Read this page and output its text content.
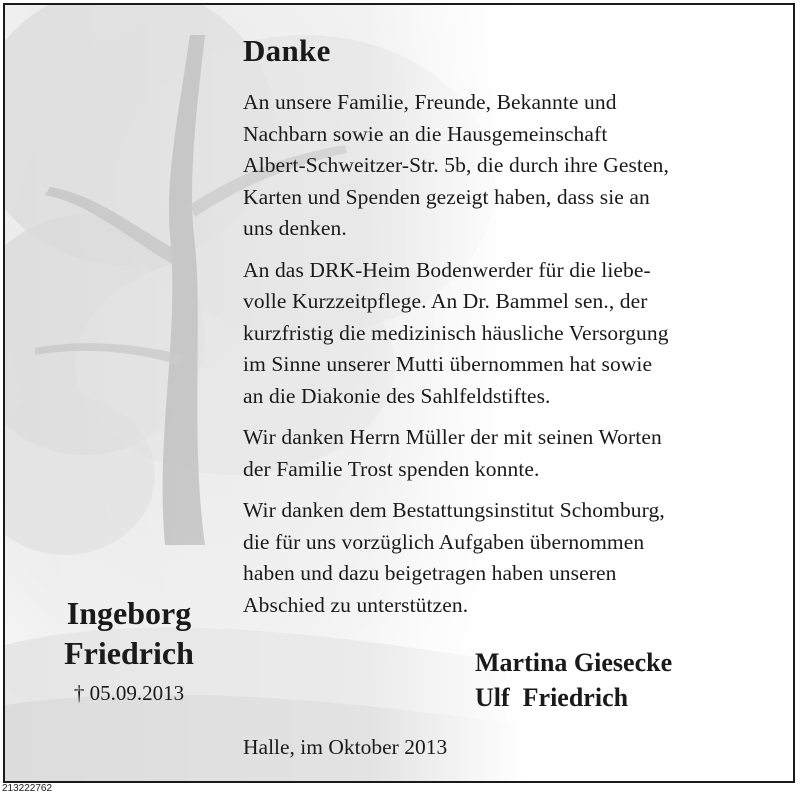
Danke
An unsere Familie, Freunde, Bekannte und
Nachbarn sowie an die Hausgemeinschaft
Albert-Schweitzer-Str. 5b, die durch ihre Gesten,
Karten und Spenden gezeigt haben, dass sie an
uns denken.
An das DRK-Heim Bodenwerder für die liebe-
volle Kurzzeitpflege. An Dr. Bammel sen., der
kurzfristig die medizinisch häusliche Versorgung
im Sinne unserer Mutti übernommen hat sowie
an die Diakonie des Sahlfeldstiftes.
Wir danken Herrn Müller der mit seinen Worten
der Familie Trost spenden konnte.
Wir danken dem Bestattungsinstitut Schomburg,
die für uns vorzüglich Aufgaben übernommen
haben und dazu beigetragen haben unseren
Abschied zu unterstützen.
Martina Giesecke
Ulf  Friedrich
Halle, im Oktober 2013
Ingeborg
Friedrich
† 05.09.2013
213222762
